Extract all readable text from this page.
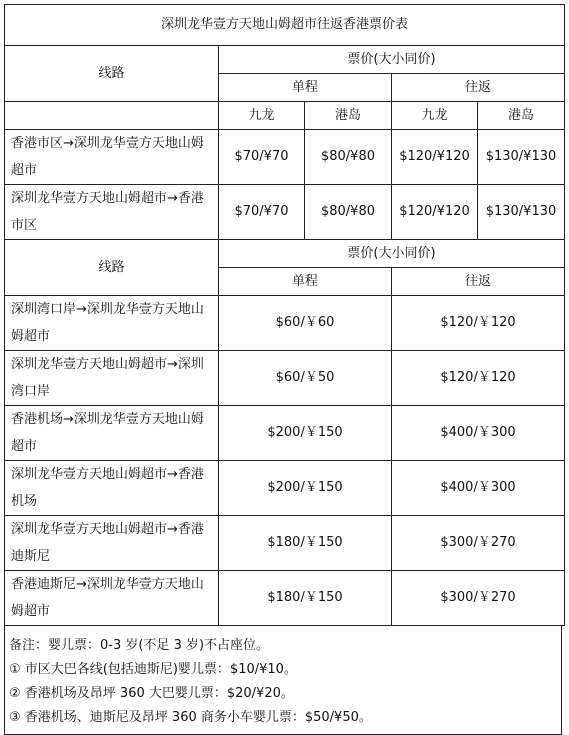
深圳龙华壹方天地山姆超市往返香港票价表				
线路	票价(大小同价)			
	单程		往返	
	九龙	港岛	九龙	港岛
香港市区→深圳龙华壹方天地山姆超市	$70/¥70	$80/¥80	$120/¥120	$130/¥130
深圳龙华壹方天地山姆超市→香港市区	$70/¥70	$80/¥80	$120/¥120	$130/¥130
线路	票价(大小同价)			
	单程		往返	
深圳湾口岸→深圳龙华壹方天地山姆超市	$60/￥60		$120/￥120	
深圳龙华壹方天地山姆超市→深圳湾口岸	$60/￥50		$120/￥120	
香港机场→深圳龙华壹方天地山姆超市	$200/￥150		$400/￥300	
深圳龙华壹方天地山姆超市→香港机场	$200/￥150		$400/￥300	
深圳龙华壹方天地山姆超市→香港迪斯尼	$180/￥150		$300/￥270	
香港迪斯尼→深圳龙华壹方天地山姆超市	$180/￥150		$300/￥270	
备注：婴儿票：0-3 岁(不足 3 岁)不占座位。
① 市区大巴各线(包括迪斯尼)婴儿票：$10/¥10。
② 香港机场及昂坪 360 大巴婴儿票：$20/¥20。
③ 香港机场、迪斯尼及昂坪 360 商务小车婴儿票：$50/¥50。
